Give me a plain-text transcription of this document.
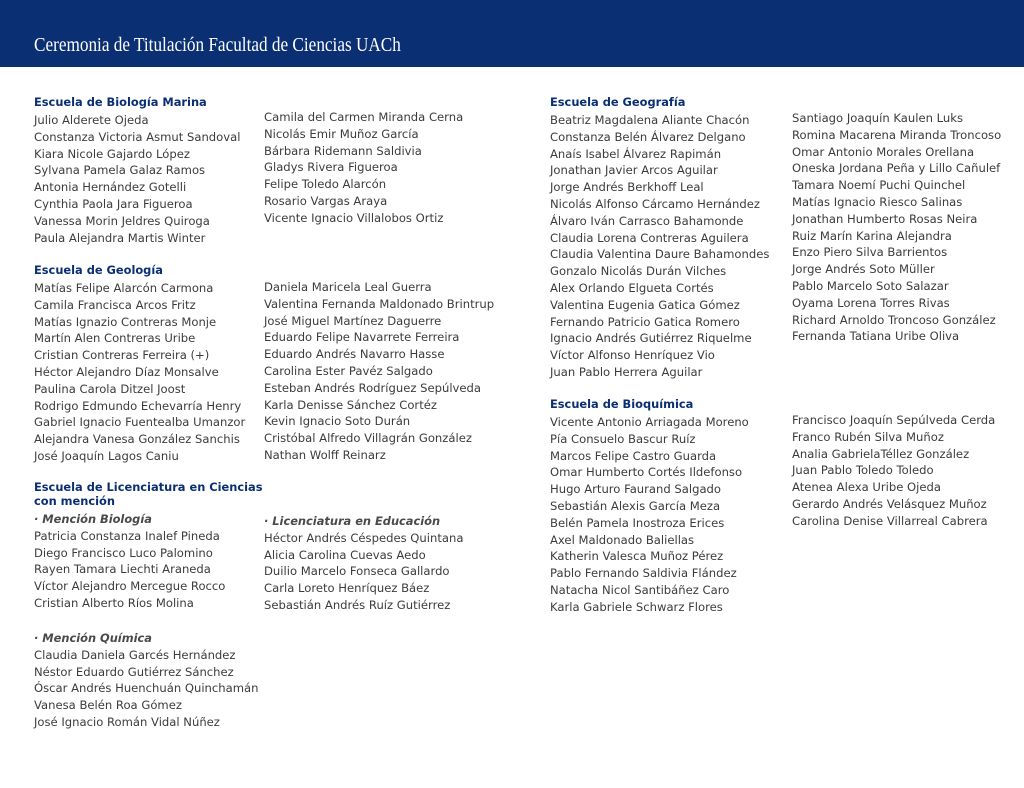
Ceremonia de Titulación Facultad de Ciencias UACh
Escuela de Biología Marina
Julio Alderete Ojeda
Constanza Victoria Asmut Sandoval
Kiara Nicole Gajardo López
Sylvana Pamela Galaz Ramos
Antonia Hernández Gotelli
Cynthia Paola Jara Figueroa
Vanessa Morin Jeldres Quiroga
Paula Alejandra Martis Winter
Camila del Carmen Miranda Cerna
Nicolás Emir Muñoz García
Bárbara Ridemann Saldivia
Gladys Rivera Figueroa
Felipe Toledo Alarcón
Rosario Vargas Araya
Vicente Ignacio Villalobos Ortiz
Escuela de Geología
Matías Felipe Alarcón Carmona
Camila Francisca Arcos Fritz
Matías Ignazio Contreras Monje
Martín Alen Contreras Uribe
Cristian Contreras Ferreira (+)
Héctor Alejandro Díaz Monsalve
Paulina Carola Ditzel Joost
Rodrigo Edmundo Echevarría Henry
Gabriel Ignacio Fuentealba Umanzor
Alejandra Vanesa González Sanchis
José Joaquín Lagos Caniu
Daniela Maricela Leal Guerra
Valentina Fernanda Maldonado Brintrup
José Miguel Martínez Daguerre
Eduardo Felipe Navarrete Ferreira
Eduardo Andrés Navarro Hasse
Carolina Ester Pavéz Salgado
Esteban Andrés Rodríguez Sepúlveda
Karla Denisse Sánchez Cortéz
Kevin Ignacio Soto Durán
Cristóbal Alfredo Villagrán González
Nathan Wolff Reinarz
Escuela de Licenciatura en Ciencias
con mención
· Mención Biología
Patricia Constanza Inalef Pineda
Diego Francisco Luco Palomino
Rayen Tamara Liechti Araneda
Víctor Alejandro Mercegue Rocco
Cristian Alberto Ríos Molina
· Licenciatura en Educación
Héctor Andrés Céspedes Quintana
Alicia Carolina Cuevas Aedo
Duilio Marcelo Fonseca Gallardo
Carla Loreto Henríquez Báez
Sebastián Andrés Ruíz Gutiérrez
· Mención Química
Claudia Daniela Garcés Hernández
Néstor Eduardo Gutiérrez Sánchez
Óscar Andrés Huenchuán Quinchamán
Vanesa Belén Roa Gómez
José Ignacio Román Vidal Núñez
Escuela de Geografía
Beatriz Magdalena Aliante Chacón
Constanza Belén Álvarez Delgano
Anaís Isabel Álvarez Rapimán
Jonathan Javier Arcos Aguilar
Jorge Andrés Berkhoff Leal
Nicolás Alfonso Cárcamo Hernández
Álvaro Iván Carrasco Bahamonde
Claudia Lorena Contreras Aguilera
Claudia Valentina Daure Bahamondes
Gonzalo Nicolás Durán Vilches
Alex Orlando Elgueta Cortés
Valentina Eugenia Gatica Gómez
Fernando Patricio Gatica Romero
Ignacio Andrés Gutiérrez Riquelme
Víctor Alfonso Henríquez Vio
Juan Pablo Herrera Aguilar
Santiago Joaquín Kaulen Luks
Romina Macarena Miranda Troncoso
Omar Antonio Morales Orellana
Oneska Jordana Peña y Lillo Cañulef
Tamara Noemí Puchi Quinchel
Matías Ignacio Riesco Salinas
Jonathan Humberto Rosas Neira
Ruiz Marín Karina Alejandra
Enzo Piero Silva Barrientos
Jorge Andrés Soto Müller
Pablo Marcelo Soto Salazar
Oyama Lorena Torres Rivas
Richard Arnoldo Troncoso González
Fernanda Tatiana Uribe Oliva
Escuela de Bioquímica
Vicente Antonio Arriagada Moreno
Pía Consuelo Bascur Ruíz
Marcos Felipe Castro Guarda
Omar Humberto Cortés Ildefonso
Hugo Arturo Faurand Salgado
Sebastián Alexis García Meza
Belén Pamela Inostroza Erices
Axel Maldonado Baliellas
Katherin Valesca Muñoz Pérez
Pablo Fernando Saldivia Flández
Natacha Nicol Santibáñez Caro
Karla Gabriele Schwarz Flores
Francisco Joaquín Sepúlveda Cerda
Franco Rubén Silva Muñoz
Analia GabrielaTéllez González
Juan Pablo Toledo Toledo
Atenea Alexa Uribe Ojeda
Gerardo Andrés Velásquez Muñoz
Carolina Denise Villarreal Cabrera
